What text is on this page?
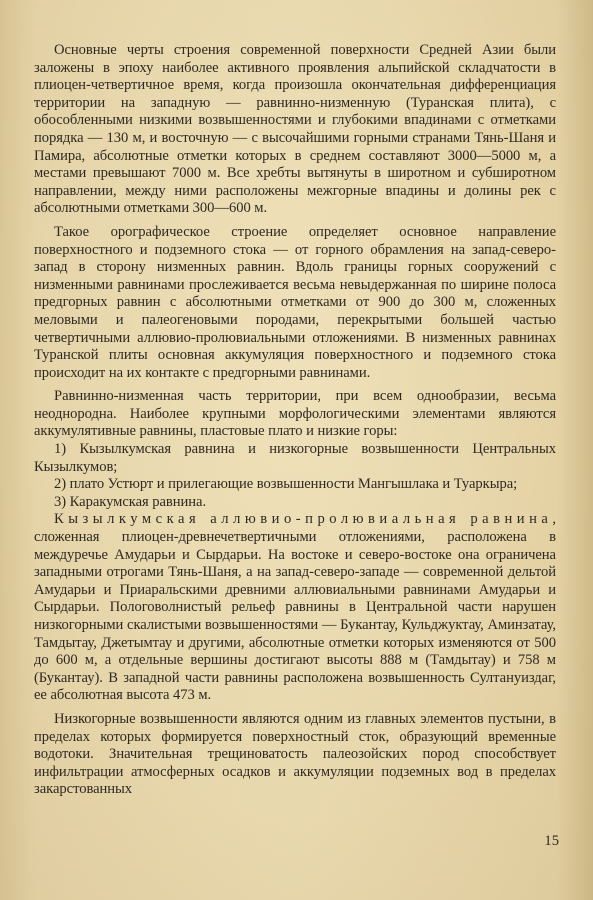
Основные черты строения современной поверхности Средней Азии были заложены в эпоху наиболее активного проявления альпийской складчатости в плиоцен-четвертичное время, когда произошла окончательная дифференциация территории на западную — равнинно-низменную (Туранская плита), с обособленными низкими возвышенностями и глубокими впадинами с отметками порядка — 130 м, и восточную — с высочайшими горными странами Тянь-Шаня и Памира, абсолютные отметки которых в среднем составляют 3000—5000 м, а местами превышают 7000 м. Все хребты вытянуты в широтном и субширотном направлении, между ними расположены межгорные впадины и долины рек с абсолютными отметками 300—600 м.

Такое орографическое строение определяет основное направление поверхностного и подземного стока — от горного обрамления на запад-северо-запад в сторону низменных равнин. Вдоль границы горных сооружений с низменными равнинами прослеживается весьма невыдержанная по ширине полоса предгорных равнин с абсолютными отметками от 900 до 300 м, сложенных меловыми и палеогеновыми породами, перекрытыми большей частью четвертичными аллювио-пролювиальными отложениями. В низменных равнинах Туранской плиты основная аккумуляция поверхностного и подземного стока происходит на их контакте с предгорными равнинами.

Равнинно-низменная часть территории, при всем однообразии, весьма неоднородна. Наиболее крупными морфологическими элементами являются аккумулятивные равнины, пластовые плато и низкие горы:

1) Кызылкумская равнина и низкогорные возвышенности Центральных Кызылкумов;

2) плато Устюрт и прилегающие возвышенности Мангышлака и Туаркыра;

3) Каракумская равнина.

Кызылкумская аллювио-пролювиальная равнина, сложенная плиоцен-древнечетвертичными отложениями, расположена в междуречье Амударьи и Сырдарьи. На востоке и северо-востоке она ограничена западными отрогами Тянь-Шаня, а на запад-северо-западе — современной дельтой Амударьи и Приаральскими древними аллювиальными равнинами Амударьи и Сырдарьи. Пологоволнистый рельеф равнины в Центральной части нарушен низкогорными скалистыми возвышенностями — Букантау, Кульджуктау, Аминзатау, Тамдытау, Джетымтау и другими, абсолютные отметки которых изменяются от 500 до 600 м, а отдельные вершины достигают высоты 888 м (Тамдытау) и 758 м (Букантау). В западной части равнины расположена возвышенность Султануиздаг, ее абсолютная высота 473 м.

Низкогорные возвышенности являются одним из главных элементов пустыни, в пределах которых формируется поверхностный сток, образующий временные водотоки. Значительная трещиноватость палеозойских пород способствует инфильтрации атмосферных осадков и аккумуляции подземных вод в пределах закарстованных

15
